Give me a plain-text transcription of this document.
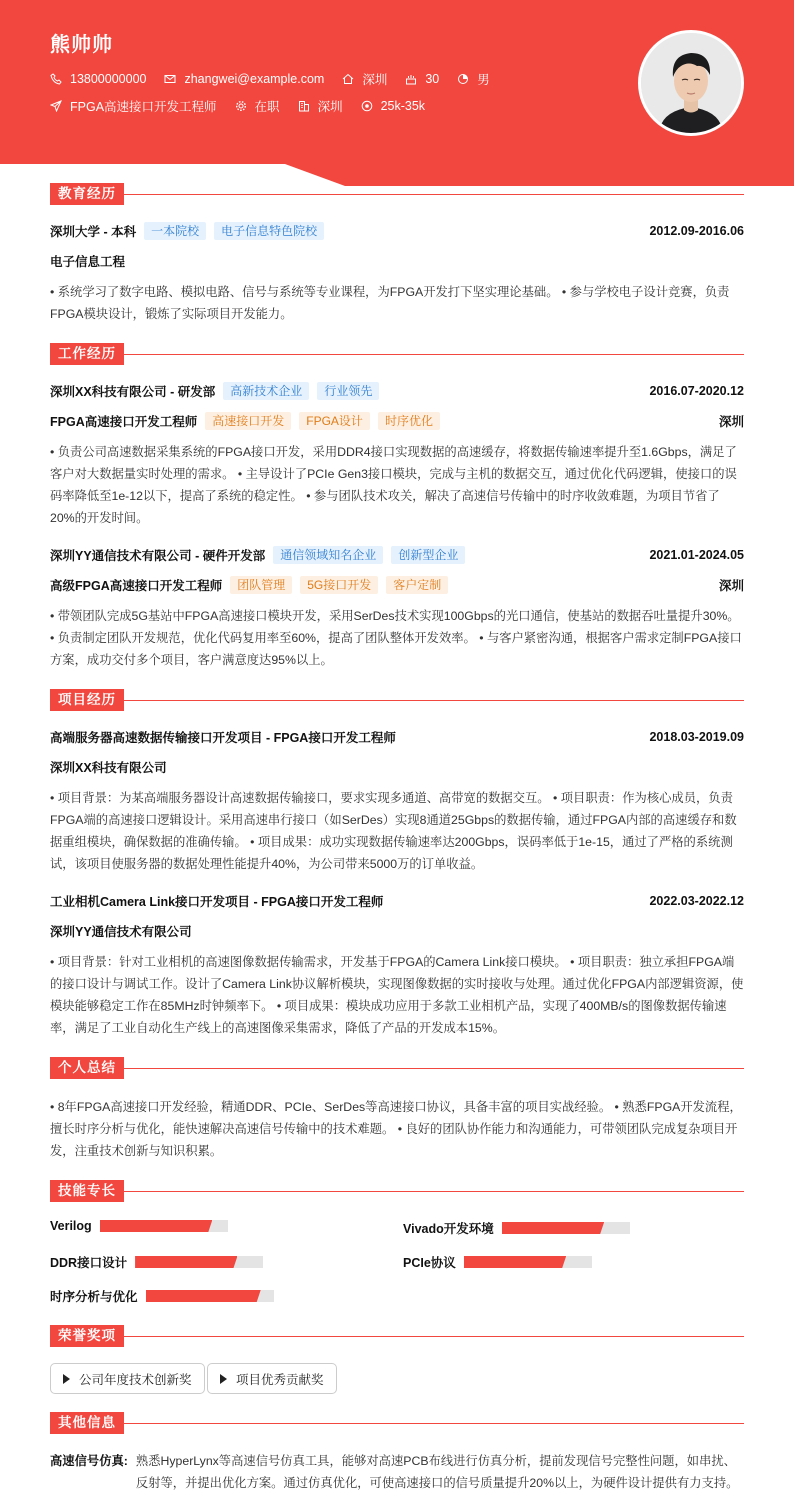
熊帅帅
13800000000	zhangwei@example.com	深圳	30	男
FPGA高速接口开发工程师	在职	深圳	25k-35k
教育经历
深圳大学 - 本科	一本院校	电子信息特色院校	2012.09-2016.06
电子信息工程
• 系统学习了数字电路、模拟电路、信号与系统等专业课程，为FPGA开发打下坚实理论基础。 • 参与学校电子设计竞赛，负责FPGA模块设计，锻炼了实际项目开发能力。
工作经历
深圳XX科技有限公司 - 研发部	高新技术企业	行业领先	2016.07-2020.12
FPGA高速接口开发工程师	高速接口开发	FPGA设计	时序优化	深圳
• 负责公司高速数据采集系统的FPGA接口开发，采用DDR4接口实现数据的高速缓存，将数据传输速率提升至1.6Gbps，满足了客户对大数据量实时处理的需求。 • 主导设计了PCIe Gen3接口模块，完成与主机的数据交互，通过优化代码逻辑，使接口的误码率降低至1e-12以下，提高了系统的稳定性。 • 参与团队技术攻关，解决了高速信号传输中的时序收敛难题，为项目节省了20%的开发时间。
深圳YY通信技术有限公司 - 硬件开发部	通信领域知名企业	创新型企业	2021.01-2024.05
高级FPGA高速接口开发工程师	团队管理	5G接口开发	客户定制	深圳
• 带领团队完成5G基站中FPGA高速接口模块开发，采用SerDes技术实现100Gbps的光口通信，使基站的数据吞吐量提升30%。 • 负责制定团队开发规范，优化代码复用率至60%，提高了团队整体开发效率。 • 与客户紧密沟通，根据客户需求定制FPGA接口方案，成功交付多个项目，客户满意度达95%以上。
项目经历
高端服务器高速数据传输接口开发项目 - FPGA接口开发工程师	2018.03-2019.09
深圳XX科技有限公司
• 项目背景：为某高端服务器设计高速数据传输接口，要求实现多通道、高带宽的数据交互。 • 项目职责：作为核心成员，负责FPGA端的高速接口逻辑设计。采用高速串行接口（如SerDes）实现8通道25Gbps的数据传输，通过FPGA内部的高速缓存和数据重组模块，确保数据的准确传输。 • 项目成果：成功实现数据传输速率达200Gbps，误码率低于1e-15，通过了严格的系统测试，该项目使服务器的数据处理性能提升40%，为公司带来5000万的订单收益。
工业相机Camera Link接口开发项目 - FPGA接口开发工程师	2022.03-2022.12
深圳YY通信技术有限公司
• 项目背景：针对工业相机的高速图像数据传输需求，开发基于FPGA的Camera Link接口模块。 • 项目职责：独立承担FPGA端的接口设计与调试工作。设计了Camera Link协议解析模块，实现图像数据的实时接收与处理。通过优化FPGA内部逻辑资源，使模块能够稳定工作在85MHz时钟频率下。 • 项目成果：模块成功应用于多款工业相机产品，实现了400MB/s的图像数据传输速率，满足了工业自动化生产线上的高速图像采集需求，降低了产品的开发成本15%。
个人总结
• 8年FPGA高速接口开发经验，精通DDR、PCIe、SerDes等高速接口协议，具备丰富的项目实战经验。 • 熟悉FPGA开发流程，擅长时序分析与优化，能快速解决高速信号传输中的技术难题。 • 良好的团队协作能力和沟通能力，可带领团队完成复杂项目开发，注重技术创新与知识积累。
技能专长
Verilog	Vivado开发环境
DDR接口设计	PCIe协议
时序分析与优化
荣誉奖项
公司年度技术创新奖	项目优秀贡献奖
其他信息
高速信号仿真: 熟悉HyperLynx等高速信号仿真工具，能够对高速PCB布线进行仿真分析，提前发现信号完整性问题，如串扰、反射等，并提出优化方案。通过仿真优化，可使高速接口的信号质量提升20%以上，为硬件设计提供有力支持。
